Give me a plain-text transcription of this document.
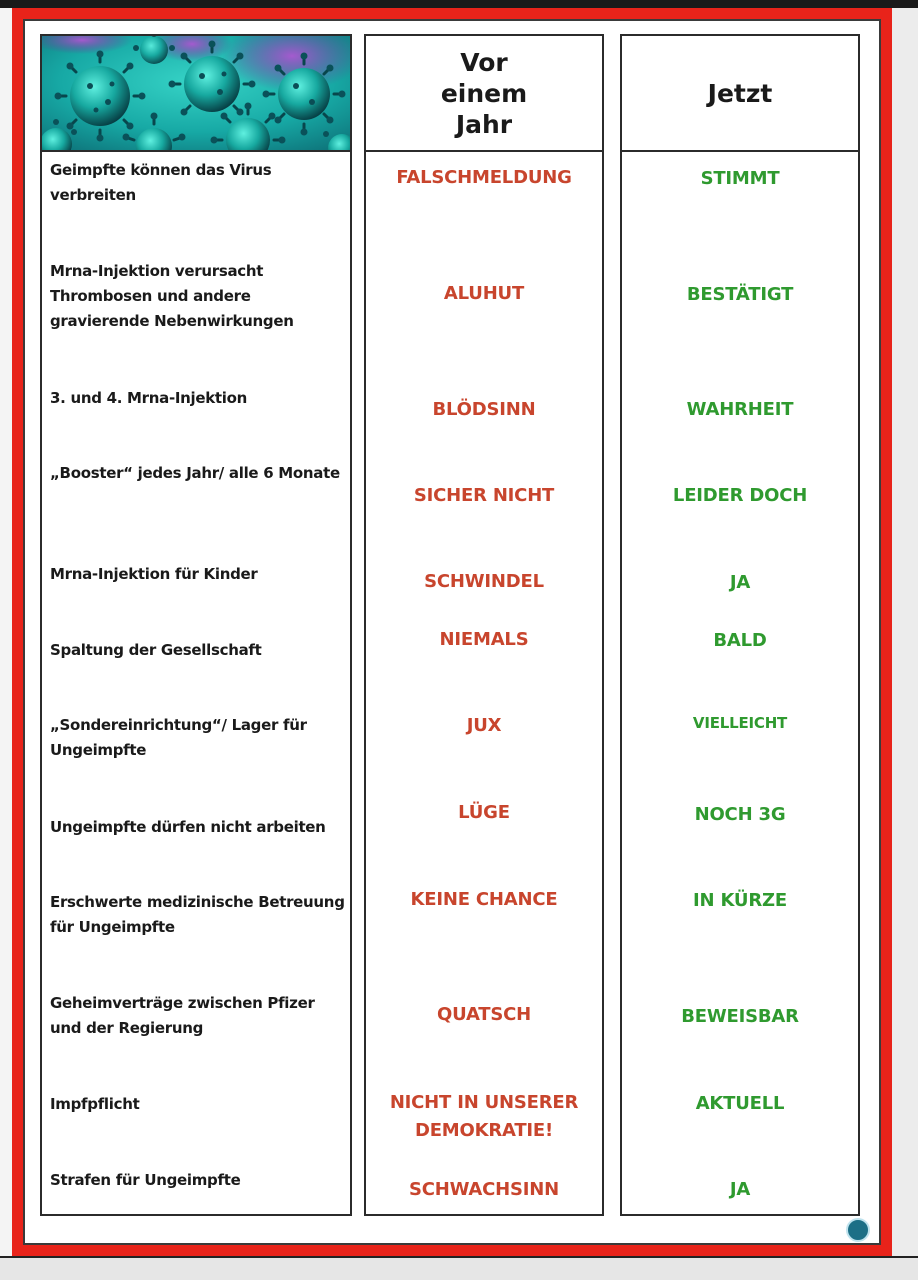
Vor
einem
Jahr
Jetzt
Geimpfte können das Virus verbreiten
Mrna-Injektion verursacht Thrombosen und andere gravierende Nebenwirkungen
3. und 4. Mrna-Injektion
„Booster“ jedes Jahr/ alle 6 Monate
Mrna-Injektion für Kinder
Spaltung der Gesellschaft
„Sondereinrichtung“/ Lager für Ungeimpfte
Ungeimpfte dürfen nicht arbeiten
Erschwerte medizinische Betreuung für Ungeimpfte
Geheimverträge zwischen Pfizer und der Regierung
Impfpflicht
Strafen für Ungeimpfte
FALSCHMELDUNG
ALUHUT
BLÖDSINN
SICHER NICHT
SCHWINDEL
NIEMALS
JUX
LÜGE
KEINE CHANCE
QUATSCH
NICHT IN UNSERER DEMOKRATIE!
SCHWACHSINN
STIMMT
BESTÄTIGT
WAHRHEIT
LEIDER DOCH
JA
BALD
VIELLEICHT
NOCH 3G
IN KÜRZE
BEWEISBAR
AKTUELL
JA
